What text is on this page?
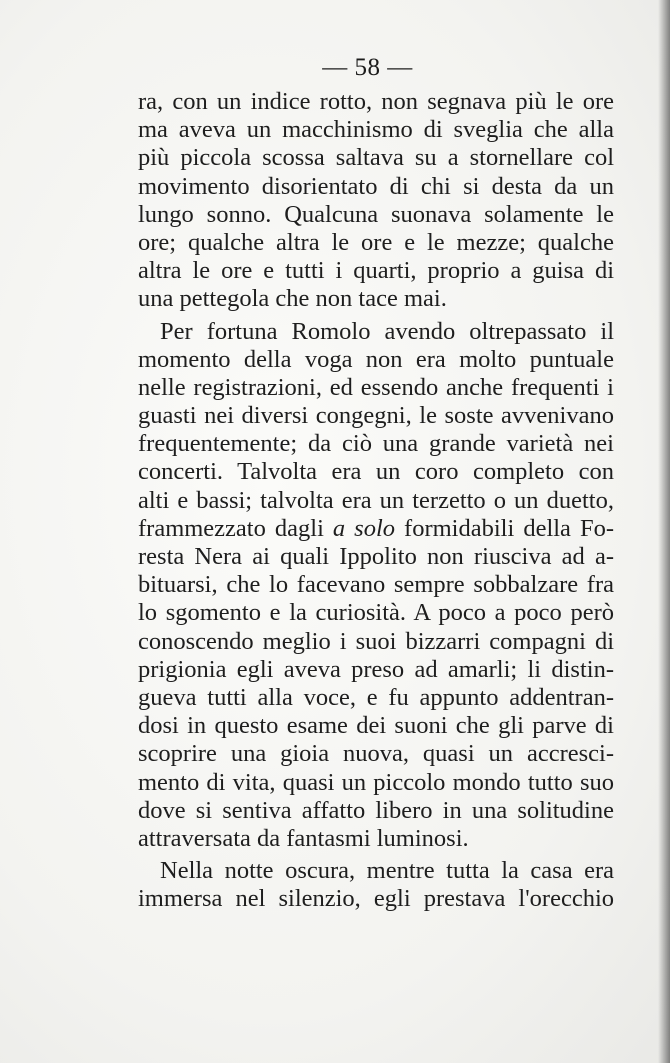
— 58 —
ra, con un indice rotto, non segnava più le ore
ma aveva un macchinismo di sveglia che alla
più piccola scossa saltava su a stornellare col
movimento disorientato di chi si desta da un
lungo sonno. Qualcuna suonava solamente le
ore; qualche altra le ore e le mezze; qualche
altra le ore e tutti i quarti, proprio a guisa di
una pettegola che non tace mai.
Per fortuna Romolo avendo oltrepassato il
momento della voga non era molto puntuale
nelle registrazioni, ed essendo anche frequenti i
guasti nei diversi congegni, le soste avvenivano
frequentemente; da ciò una grande varietà nei
concerti. Talvolta era un coro completo con
alti e bassi; talvolta era un terzetto o un duetto,
frammezzato dagli a solo formidabili della Fo-
resta Nera ai quali Ippolito non riusciva ad a-
bituarsi, che lo facevano sempre sobbalzare fra
lo sgomento e la curiosità. A poco a poco però
conoscendo meglio i suoi bizzarri compagni di
prigionia egli aveva preso ad amarli; li distin-
gueva tutti alla voce, e fu appunto addentran-
dosi in questo esame dei suoni che gli parve di
scoprire una gioia nuova, quasi un accresci-
mento di vita, quasi un piccolo mondo tutto suo
dove si sentiva affatto libero in una solitudine
attraversata da fantasmi luminosi.
Nella notte oscura, mentre tutta la casa era
immersa nel silenzio, egli prestava l'orecchio
